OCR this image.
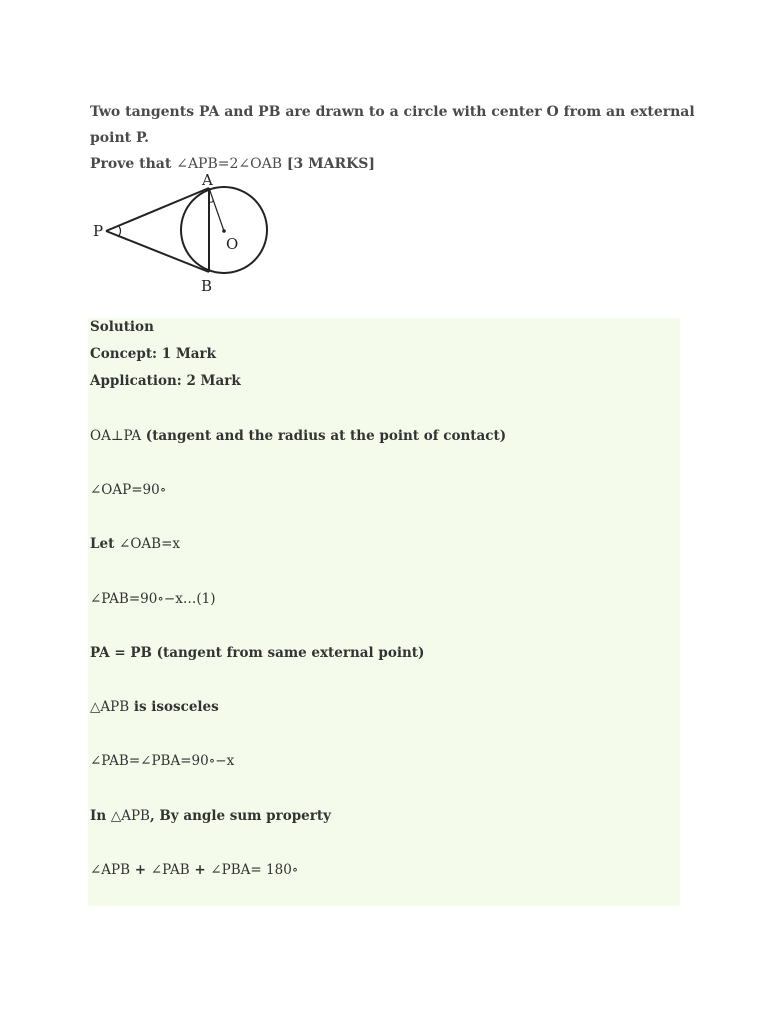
Two tangents PA and PB are drawn to a circle with center O from an external point P.
Prove that ∠APB=2∠OAB [3 MARKS]
A
B
P
O
Solution
Concept: 1 Mark
Application: 2 Mark
OA⊥PA (tangent and the radius at the point of contact)
∠OAP=90∘
Let ∠OAB=x
∠PAB=90∘−x…(1)
PA = PB (tangent from same external point)
△APB is isosceles
∠PAB=∠PBA=90∘−x
In △APB, By angle sum property
∠APB + ∠PAB + ∠PBA= 180∘
